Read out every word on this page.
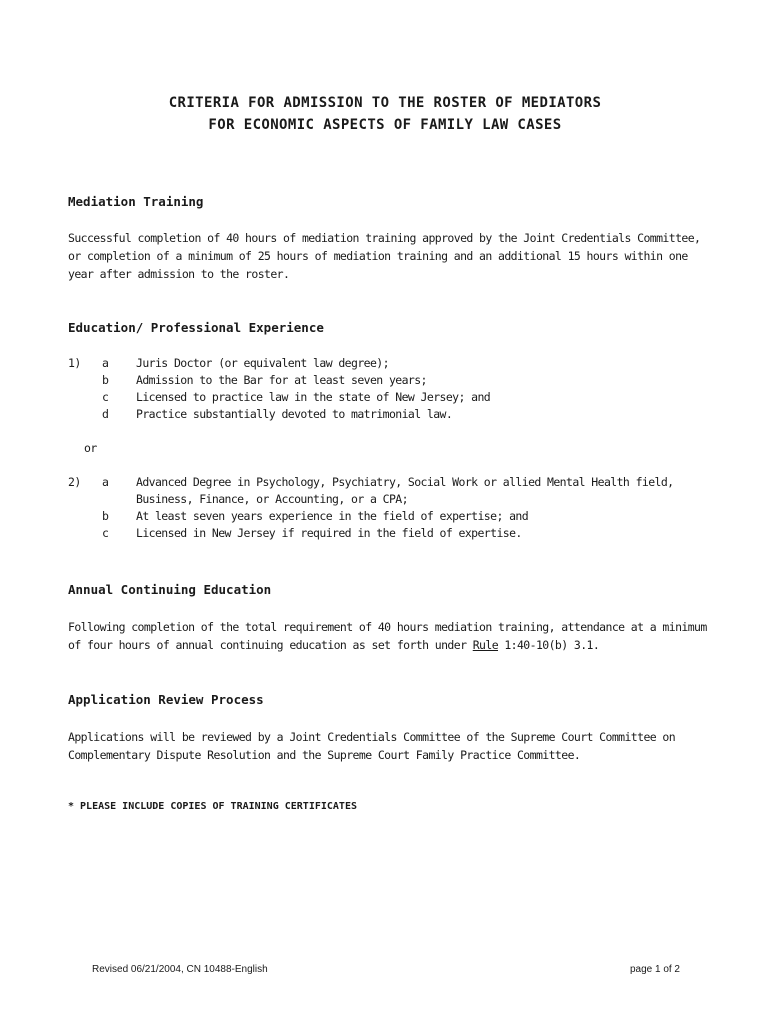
CRITERIA FOR ADMISSION TO THE ROSTER OF MEDIATORS
FOR ECONOMIC ASPECTS OF FAMILY LAW CASES
Mediation Training

Successful completion of 40 hours of mediation training approved by the Joint Credentials Committee, or completion of a minimum of 25 hours of mediation training and an additional 15 hours within one year after admission to the roster.

Education/ Professional Experience
1) a Juris Doctor (or equivalent law degree);
b Admission to the Bar for at least seven years;
c Licensed to practice law in the state of New Jersey; and
d Practice substantially devoted to matrimonial law.
or
2) a Advanced Degree in Psychology, Psychiatry, Social Work or allied Mental Health field,
Business, Finance, or Accounting, or a CPA;
b At least seven years experience in the field of expertise; and
c Licensed in New Jersey if required in the field of expertise.
Annual Continuing Education

Following completion of the total requirement of 40 hours mediation training, attendance at a minimum of four hours of annual continuing education as set forth under Rule 1:40-10(b) 3.1.

Application Review Process

Applications will be reviewed by a Joint Credentials Committee of the Supreme Court Committee on Complementary Dispute Resolution and the Supreme Court Family Practice Committee.

* PLEASE INCLUDE COPIES OF TRAINING CERTIFICATES
Revised 06/21/2004, CN 10488-English	page 1 of 2
